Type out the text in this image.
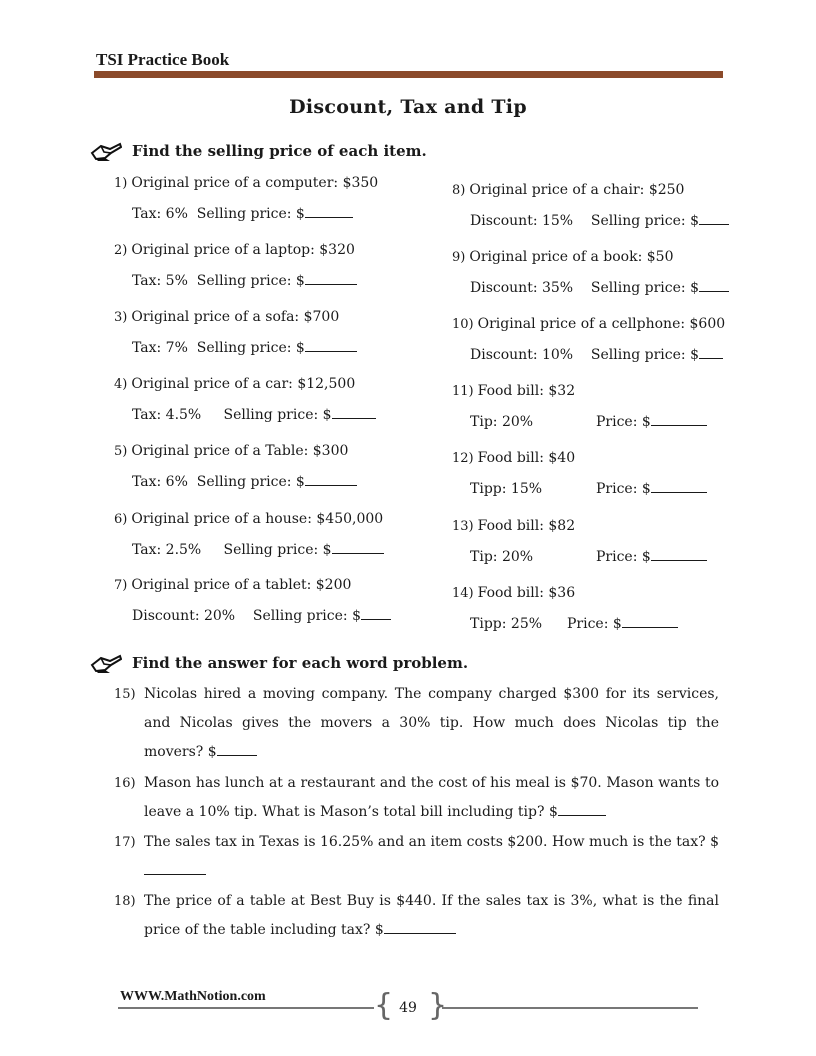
TSI Practice Book
Discount, Tax and Tip
Find the selling price of each item.
1) Original price of a computer: $350
Tax: 6%  Selling price: $
2) Original price of a laptop: $320
Tax: 5%  Selling price: $
3) Original price of a sofa: $700
Tax: 7%  Selling price: $
4) Original price of a car: $12,500
Tax: 4.5%     Selling price: $
5) Original price of a Table: $300
Tax: 6%  Selling price: $
6) Original price of a house: $450,000
Tax: 2.5%     Selling price: $
7) Original price of a tablet: $200
Discount: 20%    Selling price: $
8) Original price of a chair: $250
Discount: 15%    Selling price: $
9) Original price of a book: $50
Discount: 35%    Selling price: $
10) Original price of a cellphone: $600
Discount: 10%    Selling price: $
11) Food bill: $32
Tip: 20%	Price: $
12) Food bill: $40
Tipp: 15%	Price: $
13) Food bill: $82
Tip: 20%	Price: $
14) Food bill: $36
Tipp: 25% Price: $
Find the answer for each word problem.
15) Nicolas hired a moving company. The company charged $300 for its services, and Nicolas gives the movers a 30% tip. How much does Nicolas tip the movers? $
16) Mason has lunch at a restaurant and the cost of his meal is $70. Mason wants to leave a 10% tip. What is Mason’s total bill including tip? $
17) The sales tax in Texas is 16.25% and an item costs $200. How much is the tax? $
18) The price of a table at Best Buy is $440. If the sales tax is 3%, what is the final price of the table including tax? $
WWW.MathNotion.com	{ 49 }
